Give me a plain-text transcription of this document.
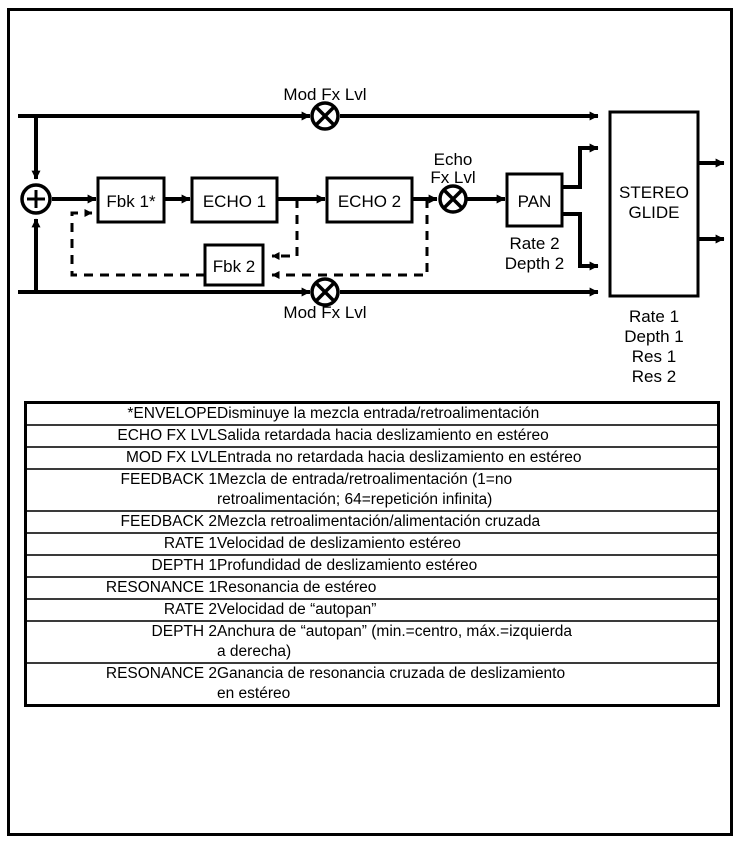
Mod Fx Lvl
Mod Fx Lvl
Fbk 1*	ECHO 1	ECHO 2
Echo
Fx Lvl
PAN
Rate 2
Depth 2
STEREO
GLIDE
Rate 1
Depth 1
Res 1
Res 2
Fbk 2
*ENVELOPE	Disminuye la mezcla entrada/retroalimentación

ECHO FX LVL	Salida retardada hacia deslizamiento en estéreo

MOD FX LVL	Entrada no retardada hacia deslizamiento en estéreo

FEEDBACK 1	Mezcla de entrada/retroalimentación (1=no
retroalimentación; 64=repetición infinita)

FEEDBACK 2	Mezcla retroalimentación/alimentación cruzada

RATE 1	Velocidad de deslizamiento estéreo

DEPTH 1	Profundidad de deslizamiento estéreo

RESONANCE 1	Resonancia de estéreo

RATE 2	Velocidad de “autopan”

DEPTH 2	Anchura de “autopan” (min.=centro, máx.=izquierda
a derecha)

RESONANCE 2	Ganancia de resonancia cruzada de deslizamiento
en estéreo
